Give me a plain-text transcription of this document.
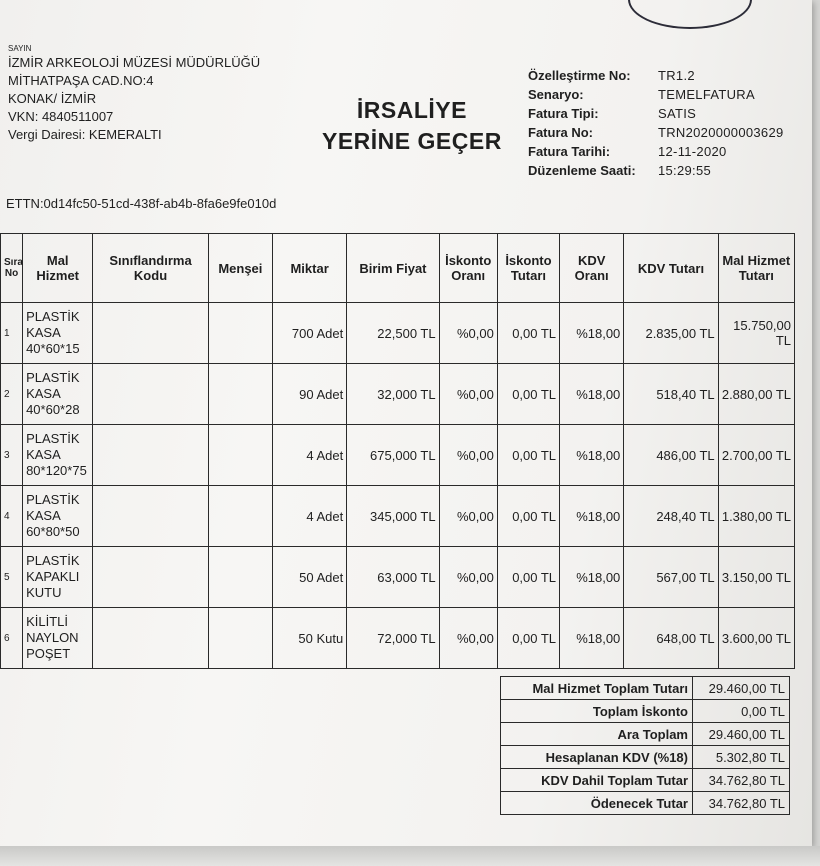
SAYIN
İZMİR ARKEOLOJİ MÜZESİ MÜDÜRLÜĞÜ
MİTHATPAŞA CAD.NO:4
KONAK/ İZMİR
VKN: 4840511007
Vergi Dairesi: KEMERALTI
İRSALİYE
YERİNE GEÇER
Özelleştirme No:	TR1.2
Senaryo:	TEMELFATURA
Fatura Tipi:	SATIS
Fatura No:	TRN2020000003629
Fatura Tarihi:	12-11-2020
Düzenleme Saati:	15:29:55
ETTN:0d14fc50-51cd-438f-ab4b-8fa6e9fe010d
Sıra No	Mal Hizmet	Sınıflandırma Kodu	Menşei	Miktar	Birim Fiyat	İskonto Oranı	İskonto Tutarı	KDV Oranı	KDV Tutarı	Mal Hizmet Tutarı
1	PLASTİK KASA 40*60*15			700 Adet	22,500 TL	%0,00	0,00 TL	%18,00	2.835,00 TL	15.750,00 TL
2	PLASTİK KASA 40*60*28			90 Adet	32,000 TL	%0,00	0,00 TL	%18,00	518,40 TL	2.880,00 TL
3	PLASTİK KASA 80*120*75			4 Adet	675,000 TL	%0,00	0,00 TL	%18,00	486,00 TL	2.700,00 TL
4	PLASTİK KASA 60*80*50			4 Adet	345,000 TL	%0,00	0,00 TL	%18,00	248,40 TL	1.380,00 TL
5	PLASTİK KAPAKLI KUTU			50 Adet	63,000 TL	%0,00	0,00 TL	%18,00	567,00 TL	3.150,00 TL
6	KİLİTLİ NAYLON POŞET			50 Kutu	72,000 TL	%0,00	0,00 TL	%18,00	648,00 TL	3.600,00 TL
Mal Hizmet Toplam Tutarı	29.460,00 TL
Toplam İskonto	0,00 TL
Ara Toplam	29.460,00 TL
Hesaplanan KDV (%18)	5.302,80 TL
KDV Dahil Toplam Tutar	34.762,80 TL
Ödenecek Tutar	34.762,80 TL
